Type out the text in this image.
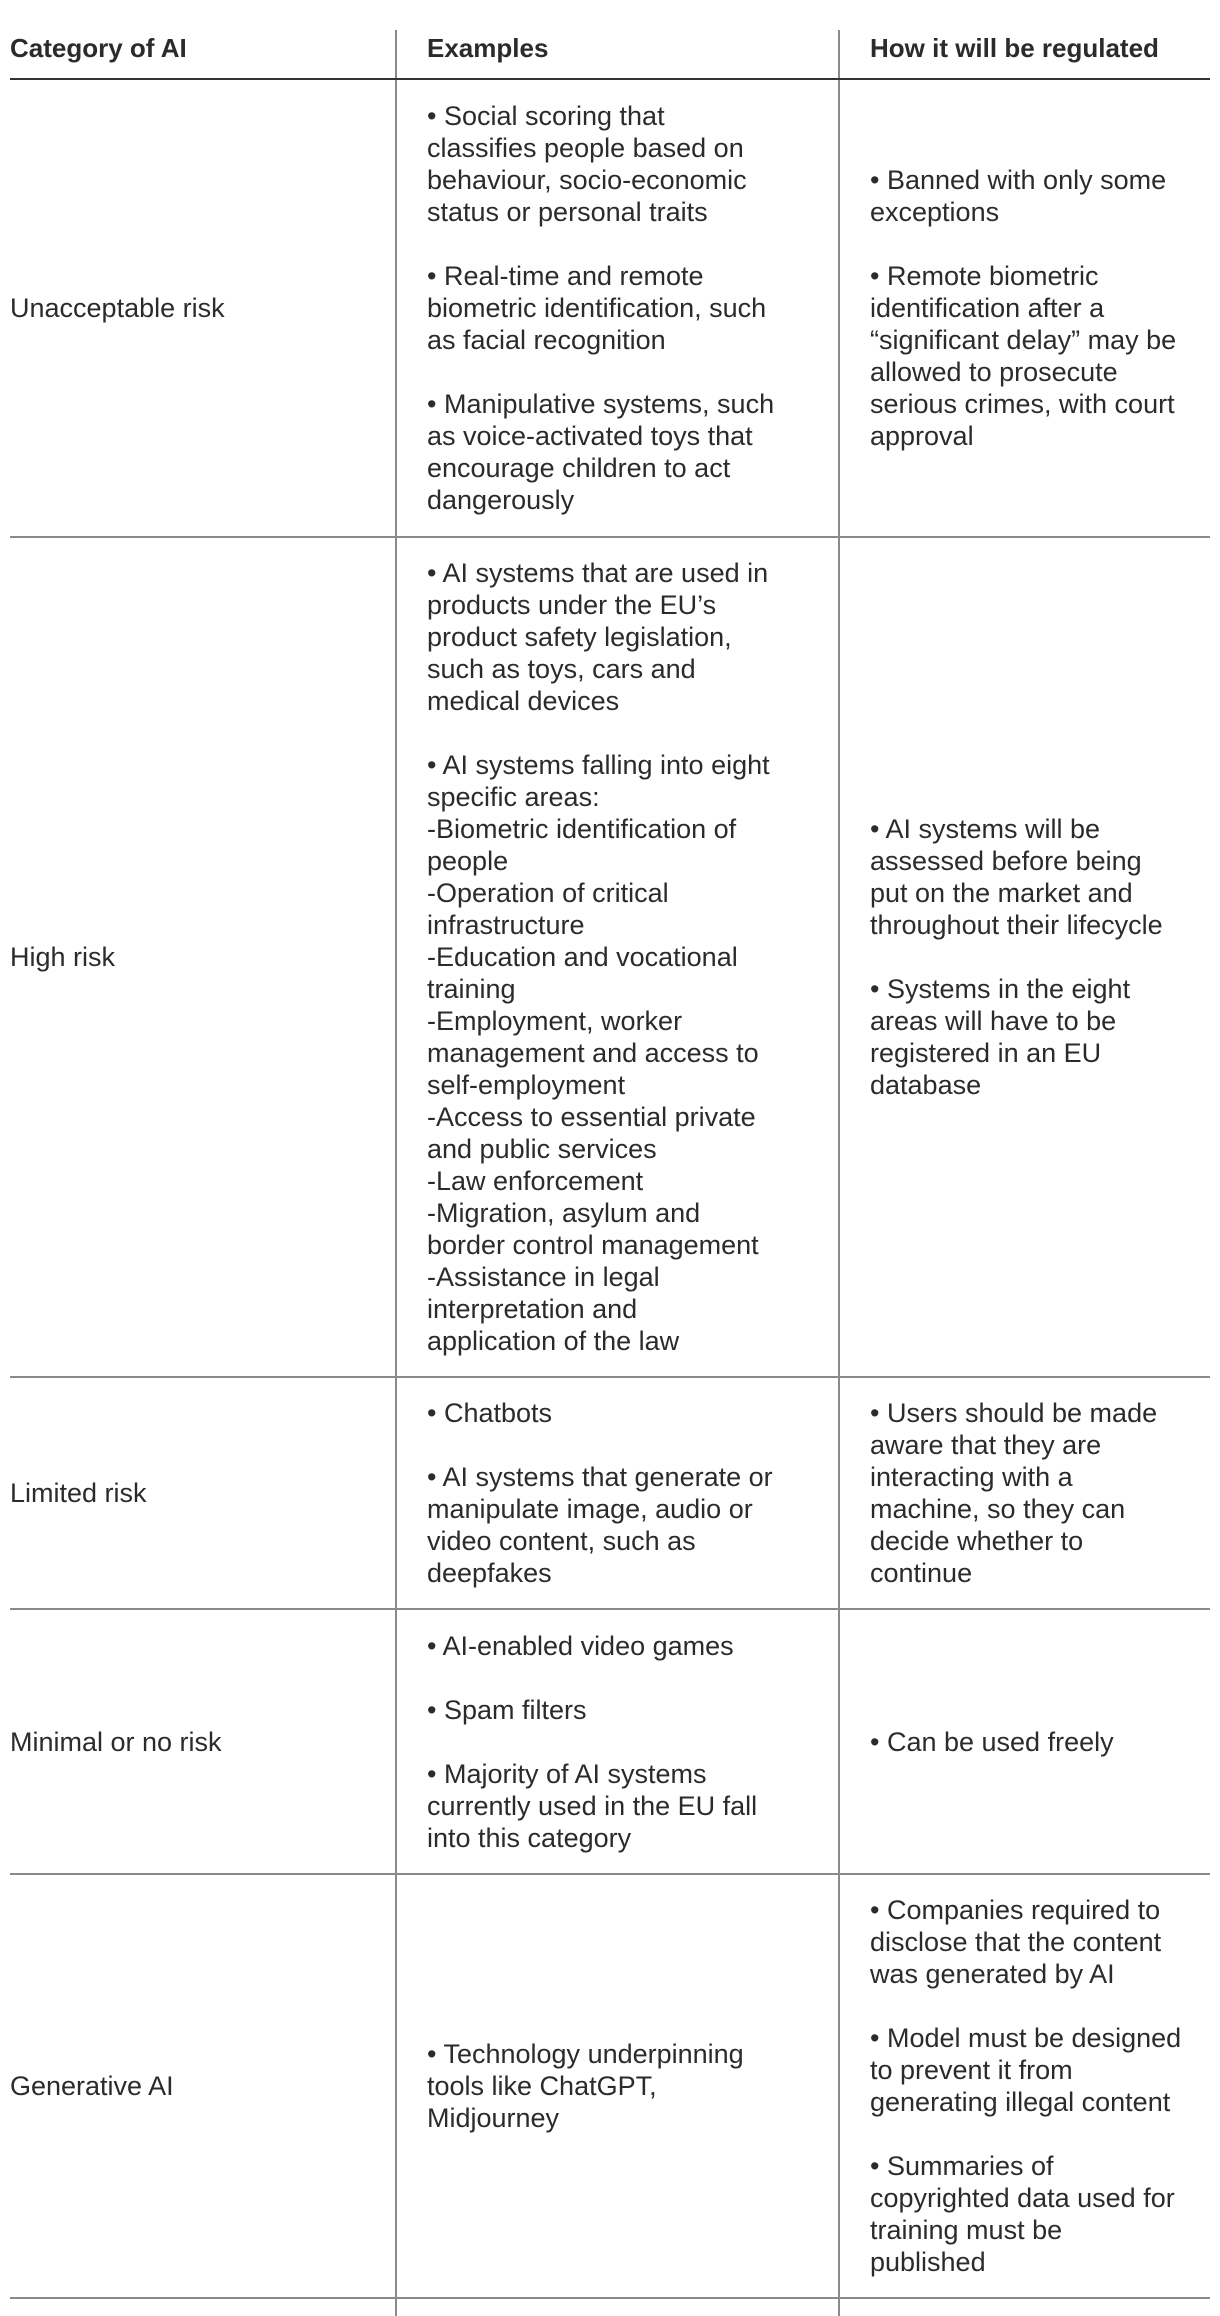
Category of AI	Examples	How it will be regulated
Unacceptable risk
• Social scoring that
classifies people based on
behaviour, socio-economic
status or personal traits
• Real-time and remote
biometric identification, such
as facial recognition
• Manipulative systems, such
as voice-activated toys that
encourage children to act
dangerously
• Banned with only some
exceptions
• Remote biometric
identification after a
“significant delay” may be
allowed to prosecute
serious crimes, with court
approval
High risk
• AI systems that are used in
products under the EU’s
product safety legislation,
such as toys, cars and
medical devices
• AI systems falling into eight
specific areas:
-Biometric identification of
people
-Operation of critical
infrastructure
-Education and vocational
training
-Employment, worker
management and access to
self-employment
-Access to essential private
and public services
-Law enforcement
-Migration, asylum and
border control management
-Assistance in legal
interpretation and
application of the law
• AI systems will be
assessed before being
put on the market and
throughout their lifecycle
• Systems in the eight
areas will have to be
registered in an EU
database
Limited risk
• Chatbots
• AI systems that generate or
manipulate image, audio or
video content, such as
deepfakes
• Users should be made
aware that they are
interacting with a
machine, so they can
decide whether to
continue
Minimal or no risk
• AI-enabled video games
• Spam filters
• Majority of AI systems
currently used in the EU fall
into this category
• Can be used freely
Generative AI
• Technology underpinning
tools like ChatGPT,
Midjourney
• Companies required to
disclose that the content
was generated by AI
• Model must be designed
to prevent it from
generating illegal content
• Summaries of
copyrighted data used for
training must be
published
